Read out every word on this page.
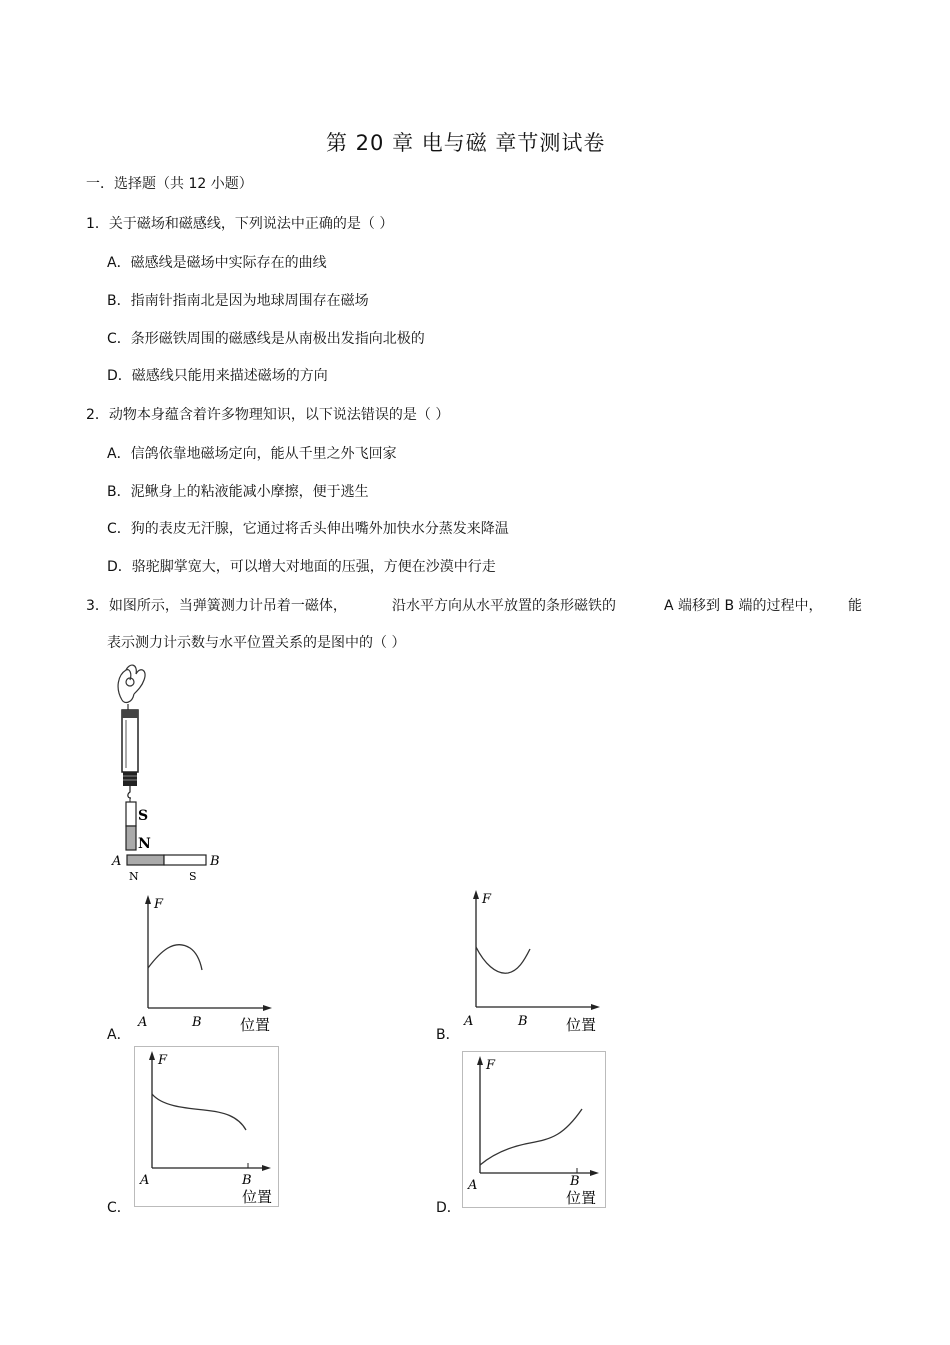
第 20 章 电与磁 章节测试卷
一．选择题（共 12 小题）
1．关于磁场和磁感线，下列说法中正确的是（ ）
A．磁感线是磁场中实际存在的曲线
B．指南针指南北是因为地球周围存在磁场
C．条形磁铁周围的磁感线是从南极出发指向北极的
D．磁感线只能用来描述磁场的方向
2．动物本身蕴含着许多物理知识，以下说法错误的是（ ）
A．信鸽依靠地磁场定向，能从千里之外飞回家
B．泥鳅身上的粘液能减小摩擦，便于逃生
C．狗的表皮无汗腺，它通过将舌头伸出嘴外加快水分蒸发来降温
D．骆驼脚掌宽大，可以增大对地面的压强，方便在沙漠中行走
3．如图所示，当弹簧测力计吊着一磁体，	沿水平方向从水平放置的条形磁铁的	A 端移到 B 端的过程中， 能
表示测力计示数与水平位置关系的是图中的（ ）
S
N
A	B
N	S
F
A	B	位置
A．
F
A	B	位置
B．
F
A	B
位置
C．
F
A	B
位置
D．
